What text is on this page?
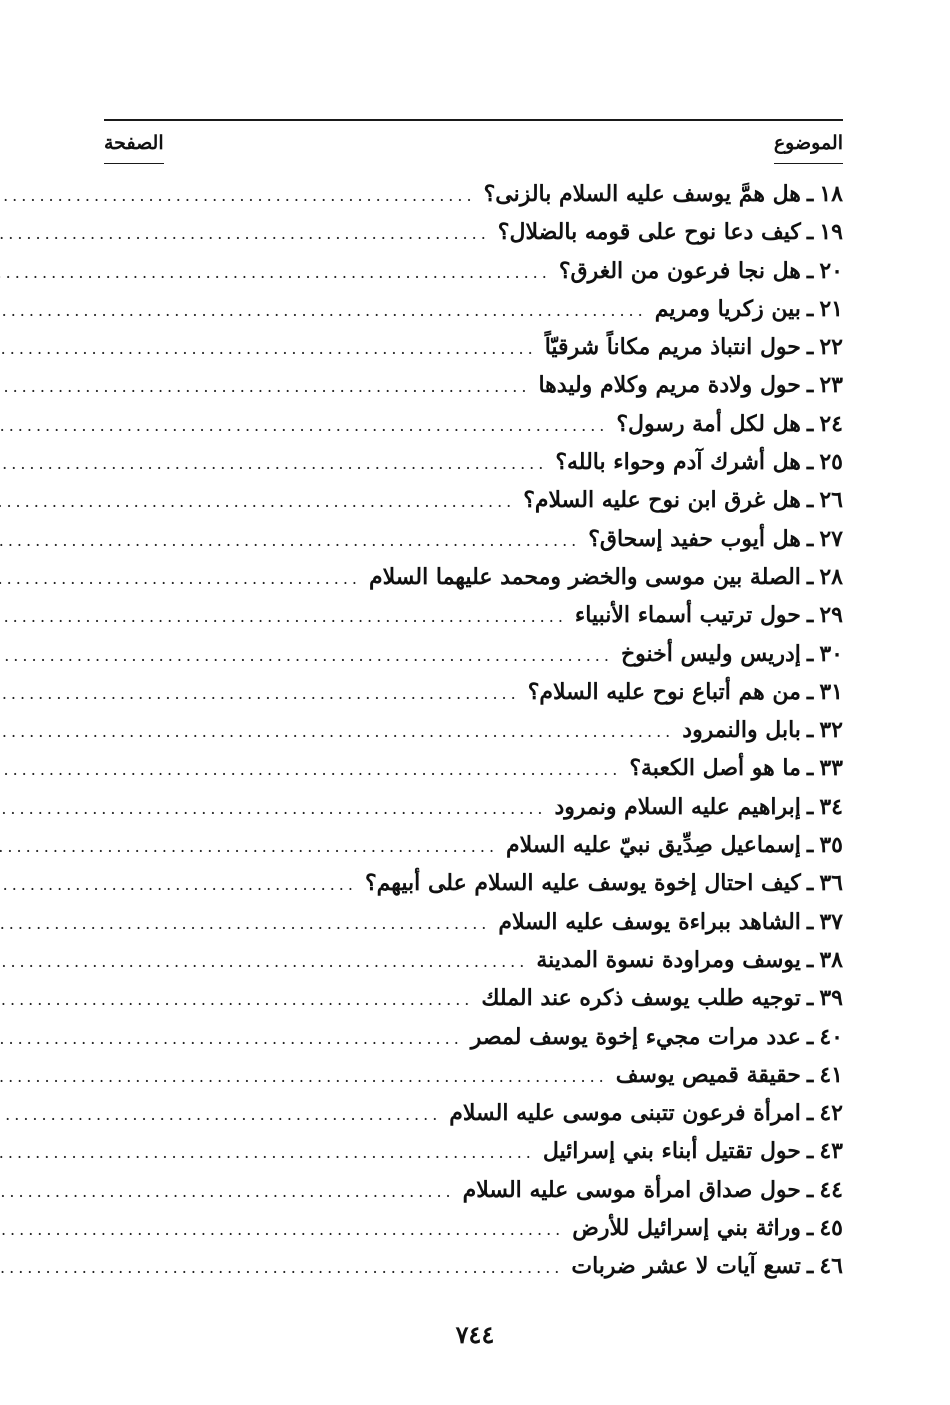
الموضوع
الصفحة
١٨
ـ
هل همَّ يوسف عليه السلام بالزنى؟
.....
١٩
ـ
كيف دعا نوح على قومه بالضلال؟
.....
٢٠
ـ
هل نجا فرعون من الغرق؟
.....
٢١
ـ
بين زكريا ومريم
.....
٢٢
ـ
حول انتباذ مريم مكاناً شرقيّاً
.....
٢٣
ـ
حول ولادة مريم وكلام وليدها
.....
٢٤
ـ
هل لكل أمة رسول؟
.....
٢٥
ـ
هل أشرك آدم وحواء بالله؟
.....
٢٦
ـ
هل غرق ابن نوح عليه السلام؟
.....
٢٧
ـ
هل أيوب حفيد إسحاق؟
.....
٢٨
ـ
الصلة بين موسى والخضر ومحمد عليهما السلام
.....
٢٩
ـ
حول ترتيب أسماء الأنبياء
.....
٣٠
ـ
إدريس وليس أخنوخ
.....
٣١
ـ
من هم أتباع نوح عليه السلام؟
.....
٣٢
ـ
بابل والنمرود
.....
٣٣
ـ
ما هو أصل الكعبة؟
.....
٣٤
ـ
إبراهيم عليه السلام ونمرود
.....
٣٥
ـ
إسماعيل صِدِّيق نبيّ عليه السلام
.....
٣٦
ـ
كيف احتال إخوة يوسف عليه السلام على أبيهم؟
.....
٣٧
ـ
الشاهد ببراءة يوسف عليه السلام
.....
٣٨
ـ
يوسف ومراودة نسوة المدينة
.....
٣٩
ـ
توجيه طلب يوسف ذكره عند الملك
.....
٤٠
ـ
عدد مرات مجيء إخوة يوسف لمصر
.....
٤١
ـ
حقيقة قميص يوسف
.....
٤٢
ـ
امرأة فرعون تتبنى موسى عليه السلام
.....
٤٣
ـ
حول تقتيل أبناء بني إسرائيل
.....
٤٤
ـ
حول صداق امرأة موسى عليه السلام
.....
٤٥
ـ
وراثة بني إسرائيل للأرض
.....
٤٦
ـ
تسع آيات لا عشر ضربات
.....
٧٤٤
